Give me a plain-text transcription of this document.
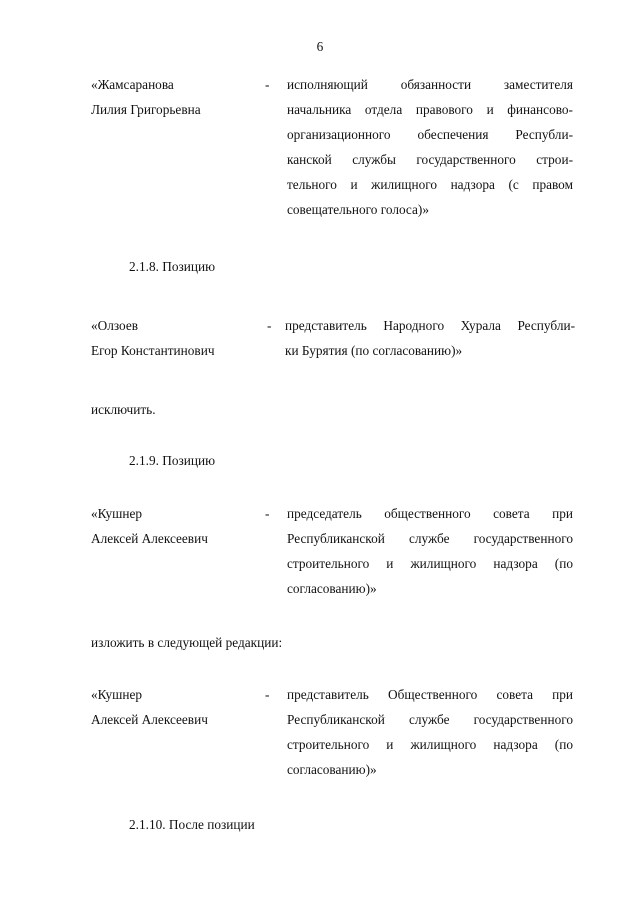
6
«Жамсаранова
Лилия Григорьевна
- исполняющий обязанности заместителя
начальника отдела правового и финансово-
организационного обеспечения Республи-
канской службы государственного строи-
тельного и жилищного надзора (с правом
совещательного голоса)»
2.1.8. Позицию
«Олзоев
Егор Константинович
- представитель Народного Хурала Республи-
ки Бурятия (по согласованию)»
исключить.
2.1.9. Позицию
«Кушнер
Алексей Алексеевич
- председатель общественного совета при
Республиканской службе государственного
строительного и жилищного надзора (по
согласованию)»
изложить в следующей редакции:
«Кушнер
Алексей Алексеевич
- представитель Общественного совета при
Республиканской службе государственного
строительного и жилищного надзора (по
согласованию)»
2.1.10. После позиции
